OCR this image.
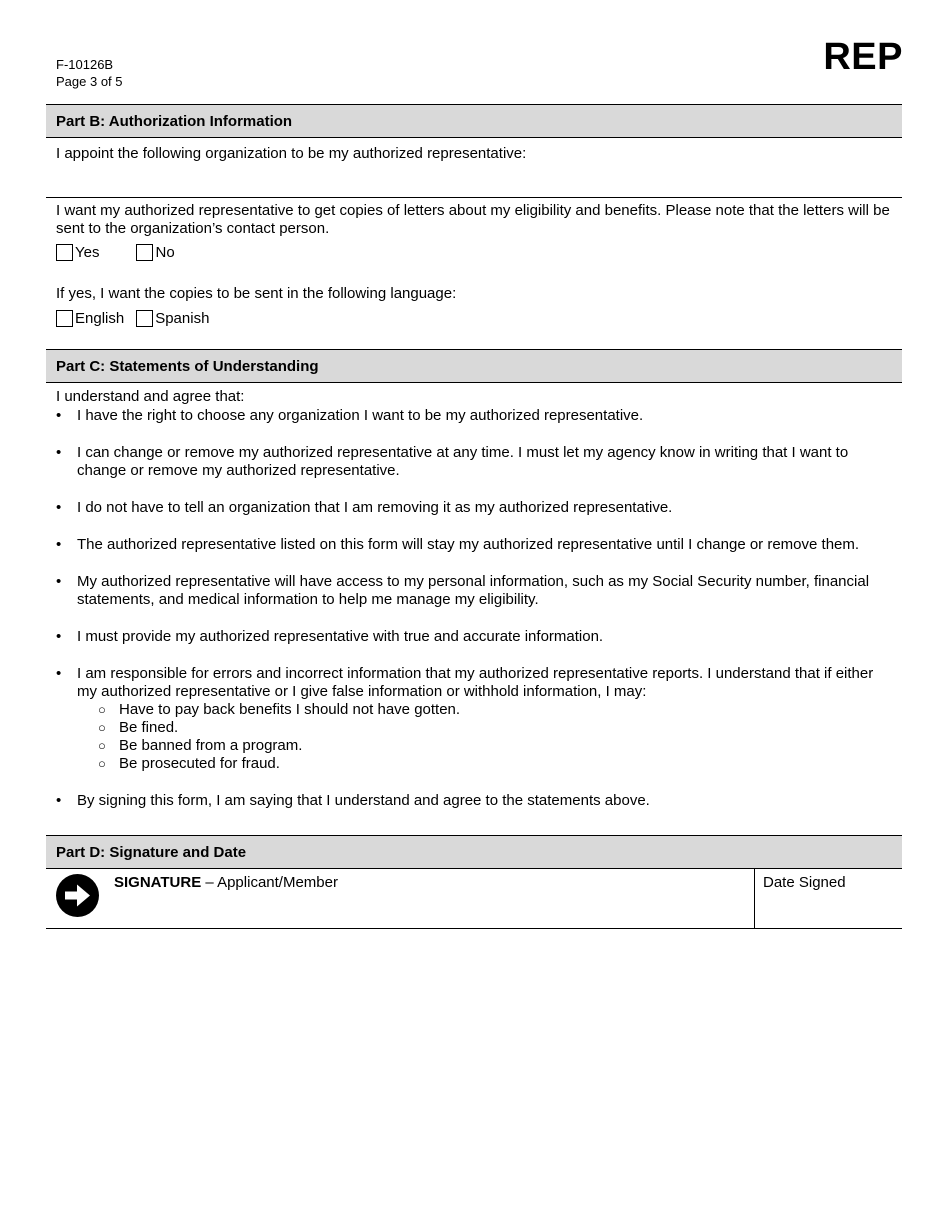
F-10126B
Page 3 of 5
REP
Part B: Authorization Information
I appoint the following organization to be my authorized representative:
I want my authorized representative to get copies of letters about my eligibility and benefits. Please note that the letters will be sent to the organization’s contact person.
Yes	No
If yes, I want the copies to be sent in the following language:
English Spanish
Part C: Statements of Understanding
I understand and agree that:
• I have the right to choose any organization I want to be my authorized representative.
• I can change or remove my authorized representative at any time. I must let my agency know in writing that I want to change or remove my authorized representative.
• I do not have to tell an organization that I am removing it as my authorized representative.
• The authorized representative listed on this form will stay my authorized representative until I change or remove them.
• My authorized representative will have access to my personal information, such as my Social Security number, financial statements, and medical information to help me manage my eligibility.
• I must provide my authorized representative with true and accurate information.
• I am responsible for errors and incorrect information that my authorized representative reports. I understand that if either my authorized representative or I give false information or withhold information, I may:
○ Have to pay back benefits I should not have gotten.
○ Be fined.
○ Be banned from a program.
○ Be prosecuted for fraud.
• By signing this form, I am saying that I understand and agree to the statements above.
Part D: Signature and Date
SIGNATURE – Applicant/Member	Date Signed
